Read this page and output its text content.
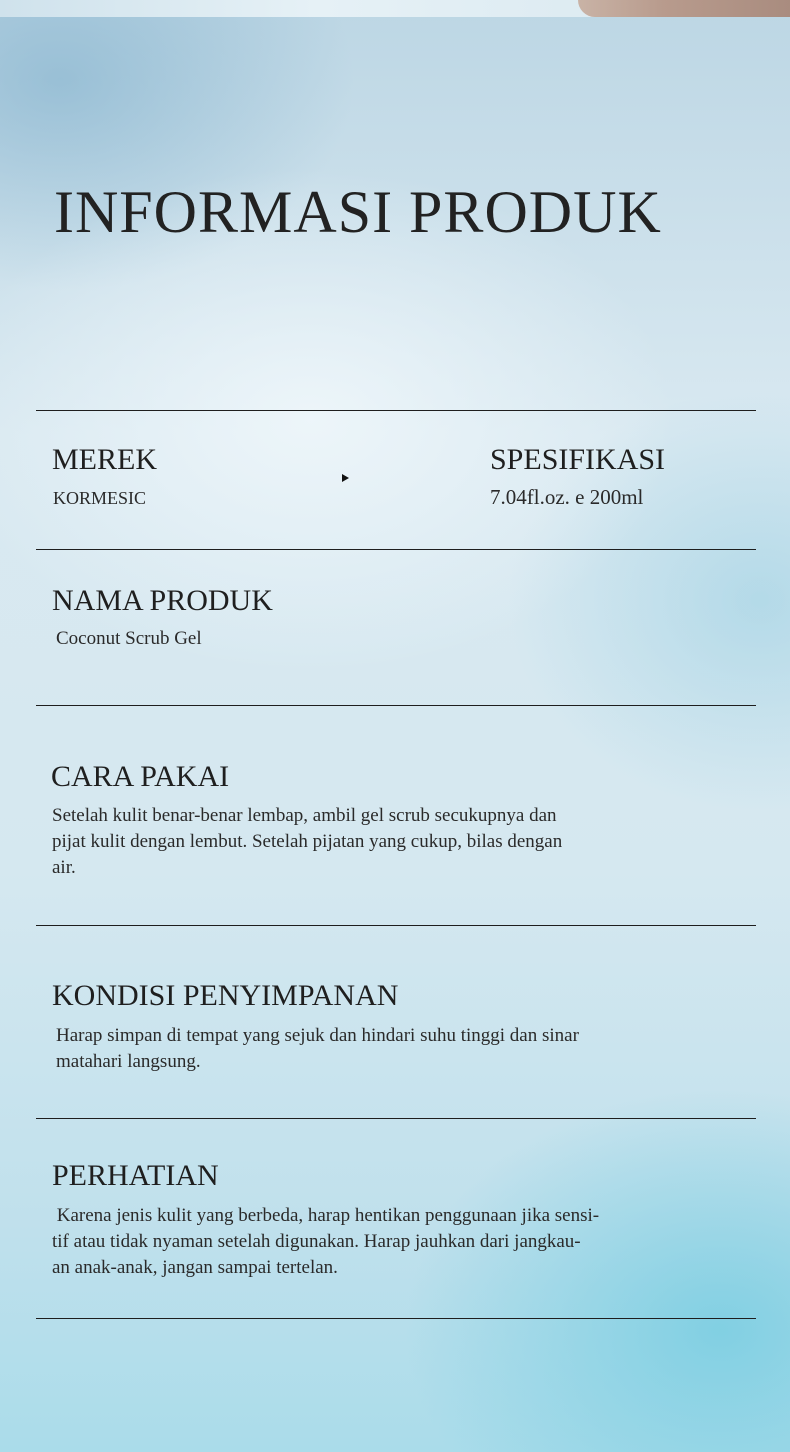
INFORMASI PRODUK
MEREK

KORMESIC

SPESIFIKASI

7.04fl.oz. e 200ml

NAMA PRODUK

Coconut Scrub Gel

CARA PAKAI

Setelah kulit benar-benar lembap, ambil gel scrub secukupnya dan

pijat kulit dengan lembut. Setelah pijatan yang cukup, bilas dengan

air.

KONDISI PENYIMPANAN

Harap simpan di tempat yang sejuk dan hindari suhu tinggi dan sinar

matahari langsung.

PERHATIAN

Karena jenis kulit yang berbeda, harap hentikan penggunaan jika sensi-

tif atau tidak nyaman setelah digunakan. Harap jauhkan dari jangkau-

an anak-anak, jangan sampai tertelan.
